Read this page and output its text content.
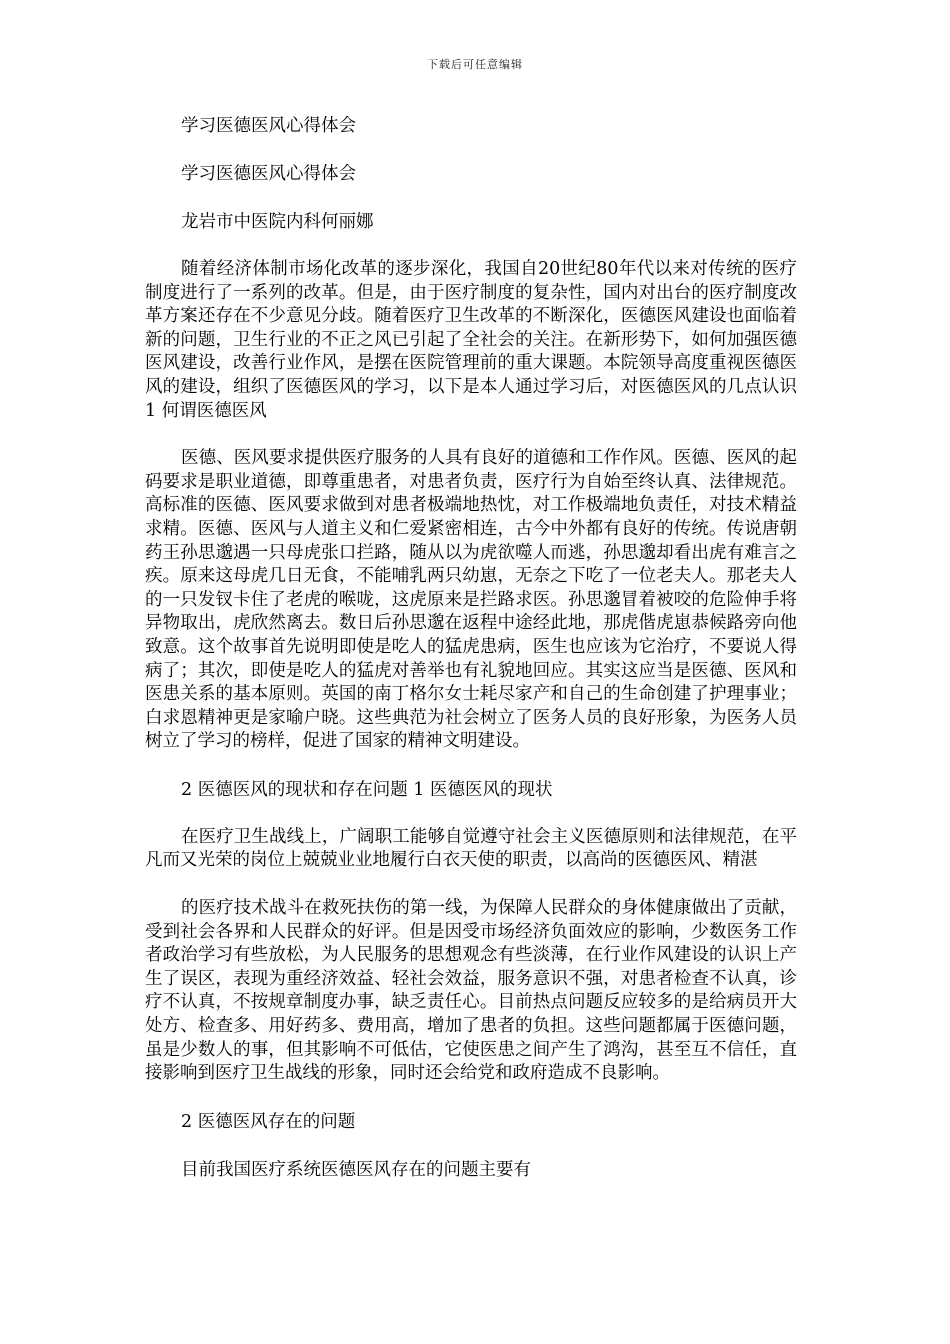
下载后可任意编辑
学习医德医风心得体会
学习医德医风心得体会
龙岩市中医院内科何丽娜

随着经济体制市场化改革的逐步深化，我国自20世纪80年代以来对传统的医疗制度进行了一系列的改革。但是，由于医疗制度的复杂性，国内对出台的医疗制度改革方案还存在不少意见分歧。随着医疗卫生改革的不断深化，医德医风建设也面临着新的问题，卫生行业的不正之风已引起了全社会的关注。在新形势下，如何加强医德医风建设，改善行业作风，是摆在医院管理前的重大课题。本院领导高度重视医德医风的建设，组织了医德医风的学习，以下是本人通过学习后，对医德医风的几点认识 1 何谓医德医风

医德、医风要求提供医疗服务的人具有良好的道德和工作作风。医德、医风的起码要求是职业道德，即尊重患者，对患者负责，医疗行为自始至终认真、法律规范。高标准的医德、医风要求做到对患者极端地热忱，对工作极端地负责任，对技术精益求精。医德、医风与人道主义和仁爱紧密相连，古今中外都有良好的传统。传说唐朝药王孙思邈遇一只母虎张口拦路，随从以为虎欲噬人而逃，孙思邈却看出虎有难言之疾。原来这母虎几日无食，不能哺乳两只幼崽，无奈之下吃了一位老夫人。那老夫人的一只发钗卡住了老虎的喉咙，这虎原来是拦路求医。孙思邈冒着被咬的危险伸手将异物取出，虎欣然离去。数日后孙思邈在返程中途经此地，那虎偕虎崽恭候路旁向他致意。这个故事首先说明即使是吃人的猛虎患病，医生也应该为它治疗，不要说人得病了；其次，即使是吃人的猛虎对善举也有礼貌地回应。其实这应当是医德、医风和医患关系的基本原则。英国的南丁格尔女士耗尽家产和自己的生命创建了护理事业；白求恩精神更是家喻户晓。这些典范为社会树立了医务人员的良好形象，为医务人员树立了学习的榜样，促进了国家的精神文明建设。

2 医德医风的现状和存在问题 1 医德医风的现状

在医疗卫生战线上，广阔职工能够自觉遵守社会主义医德原则和法律规范，在平凡而又光荣的岗位上兢兢业业地履行白衣天使的职责，以高尚的医德医风、精湛

的医疗技术战斗在救死扶伤的第一线，为保障人民群众的身体健康做出了贡献，受到社会各界和人民群众的好评。但是因受市场经济负面效应的影响，少数医务工作者政治学习有些放松，为人民服务的思想观念有些淡薄，在行业作风建设的认识上产生了误区，表现为重经济效益、轻社会效益，服务意识不强，对患者检查不认真，诊疗不认真，不按规章制度办事，缺乏责任心。目前热点问题反应较多的是给病员开大处方、检查多、用好药多、费用高，增加了患者的负担。这些问题都属于医德问题，虽是少数人的事，但其影响不可低估，它使医患之间产生了鸿沟，甚至互不信任，直接影响到医疗卫生战线的形象，同时还会给党和政府造成不良影响。

2 医德医风存在的问题
目前我国医疗系统医德医风存在的问题主要有
